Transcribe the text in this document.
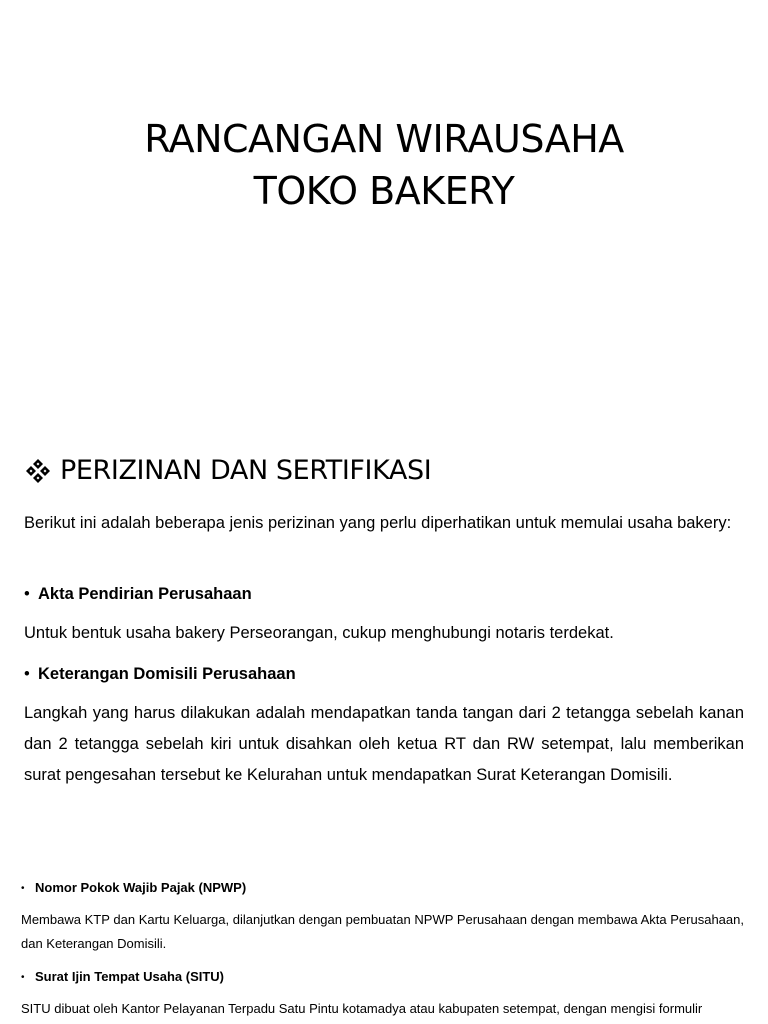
RANCANGAN WIRAUSAHA
TOKO BAKERY
PERIZINAN DAN SERTIFIKASI

Berikut ini adalah beberapa jenis perizinan yang perlu diperhatikan untuk memulai usaha bakery:

• Akta Pendirian Perusahaan

Untuk bentuk usaha bakery Perseorangan, cukup menghubungi notaris terdekat.

• Keterangan Domisili Perusahaan

Langkah yang harus dilakukan adalah mendapatkan tanda tangan dari 2 tetangga sebelah kanan dan 2 tetangga sebelah kiri untuk disahkan oleh ketua RT dan RW setempat, lalu memberikan surat pengesahan tersebut ke Kelurahan untuk mendapatkan Surat Keterangan Domisili.

• Nomor Pokok Wajib Pajak (NPWP)

Membawa KTP dan Kartu Keluarga, dilanjutkan dengan pembuatan NPWP Perusahaan dengan membawa Akta Perusahaan, dan Keterangan Domisili.

• Surat Ijin Tempat Usaha (SITU)

SITU dibuat oleh Kantor Pelayanan Terpadu Satu Pintu kotamadya atau kabupaten setempat, dengan mengisi formulir
